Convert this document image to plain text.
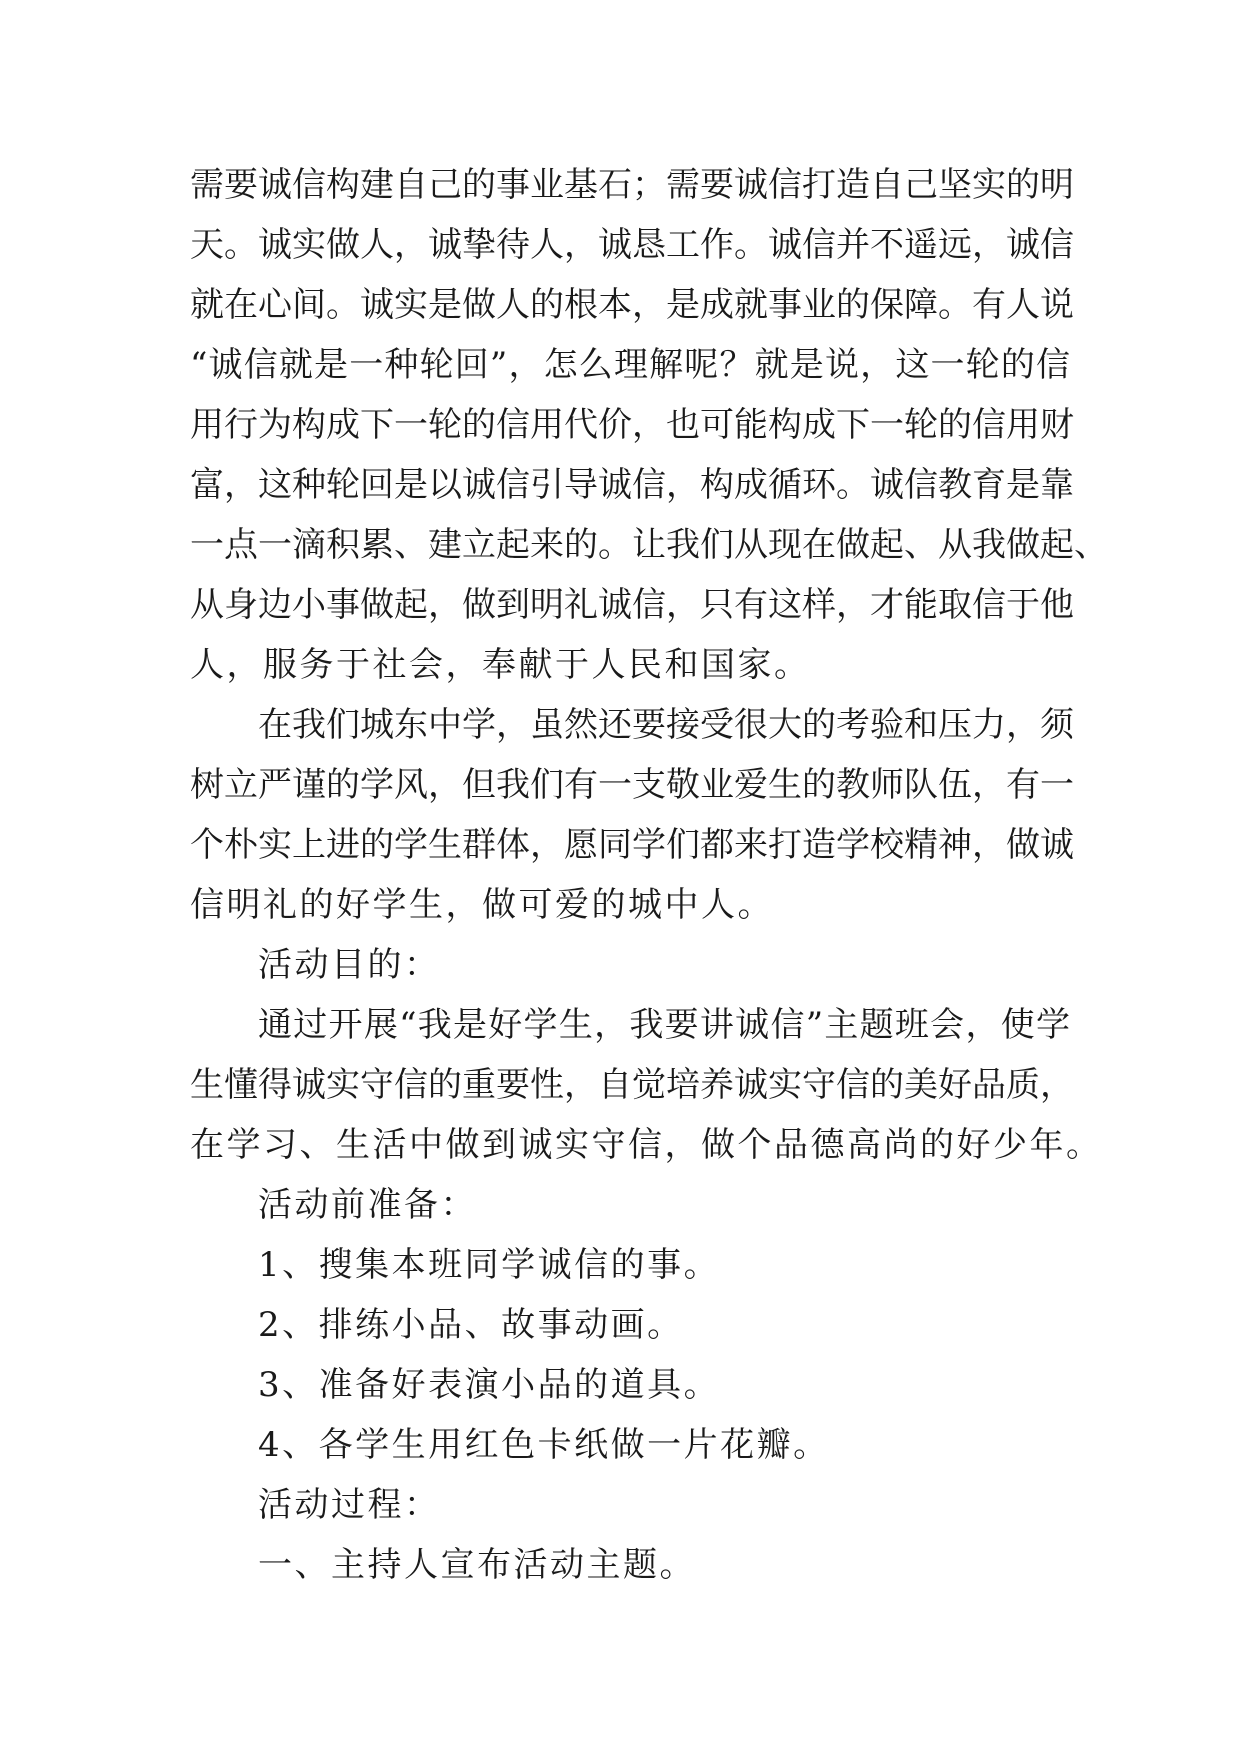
需要诚信构建自己的事业基石；需要诚信打造自己坚实的明
天。诚实做人，诚挚待人，诚恳工作。诚信并不遥远，诚信
就在心间。诚实是做人的根本，是成就事业的保障。有人说
“诚信就是一种轮回”，怎么理解呢？就是说，这一轮的信
用行为构成下一轮的信用代价，也可能构成下一轮的信用财
富，这种轮回是以诚信引导诚信，构成循环。诚信教育是靠
一点一滴积累、建立起来的。让我们从现在做起、从我做起、
从身边小事做起，做到明礼诚信，只有这样，才能取信于他
人，服务于社会，奉献于人民和国家。
在我们城东中学，虽然还要接受很大的考验和压力，须
树立严谨的学风，但我们有一支敬业爱生的教师队伍，有一
个朴实上进的学生群体，愿同学们都来打造学校精神，做诚
信明礼的好学生，做可爱的城中人。
活动目的：
通过开展“我是好学生，我要讲诚信”主题班会，使学
生懂得诚实守信的重要性，自觉培养诚实守信的美好品质，
在学习、生活中做到诚实守信，做个品德高尚的好少年。
活动前准备：
1、搜集本班同学诚信的事。
2、排练小品、故事动画。
3、准备好表演小品的道具。
4、各学生用红色卡纸做一片花瓣。
活动过程：
一、主持人宣布活动主题。
